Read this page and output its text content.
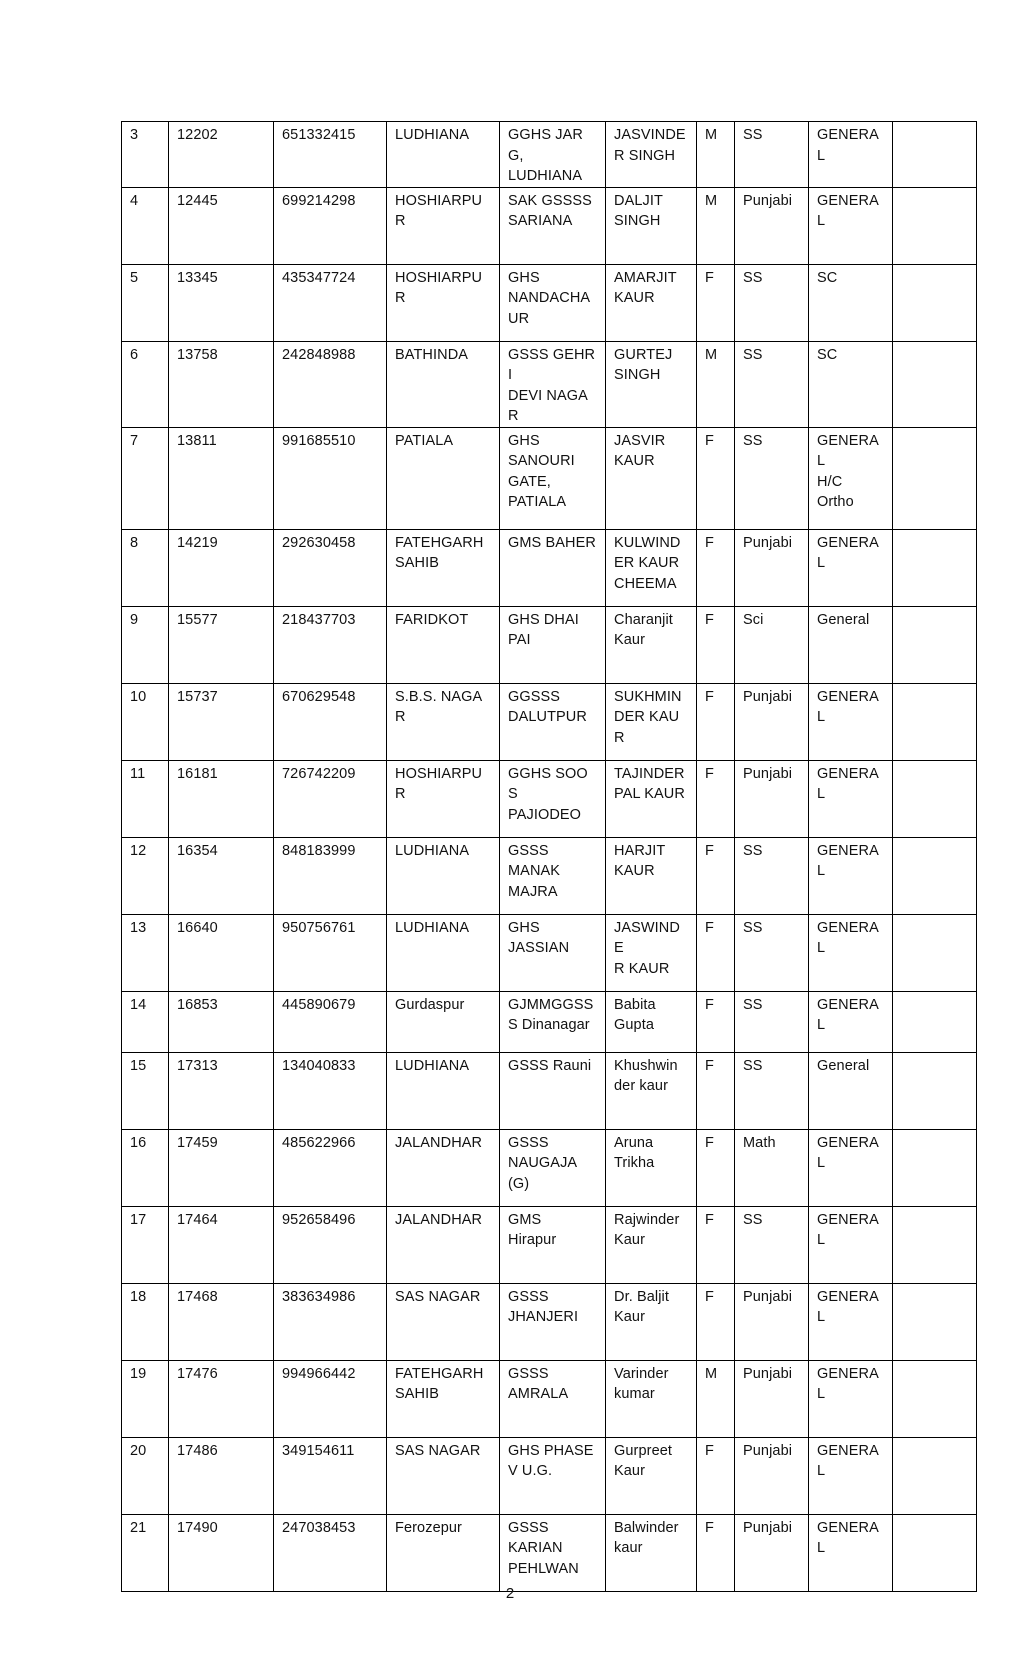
3	12202	651332415	LUDHIANA	GGHS JARG,
LUDHIANA	JASVINDE
R SINGH	M	SS	GENERAL	

4	12445	699214298	HOSHIARPUR	SAK GSSSS
SARIANA	DALJIT
SINGH	M	Punjabi	GENERAL	

5	13345	435347724	HOSHIARPUR	GHS
NANDACHA
UR	AMARJIT
KAUR	F	SS	SC	

6	13758	242848988	BATHINDA	GSSS GEHRI
DEVI NAGAR	GURTEJ
SINGH	M	SS	SC	

7	13811	991685510	PATIALA	GHS
SANOURI
GATE,
PATIALA	JASVIR
KAUR	F	SS	GENERAL
H/C
Ortho	

8	14219	292630458	FATEHGARH
SAHIB	GMS BAHER	KULWIND
ER KAUR
CHEEMA	F	Punjabi	GENERAL	

9	15577	218437703	FARIDKOT	GHS DHAI
PAI	Charanjit
Kaur	F	Sci	General	

10	15737	670629548	S.B.S. NAGAR	GGSSS
DALUTPUR	SUKHMIN
DER KAUR	F	Punjabi	GENERAL	

11	16181	726742209	HOSHIARPUR	GGHS SOOS
PAJIODEO	TAJINDER
PAL KAUR	F	Punjabi	GENERAL	

12	16354	848183999	LUDHIANA	GSSS
MANAK
MAJRA	HARJIT
KAUR	F	SS	GENERAL	

13	16640	950756761	LUDHIANA	GHS
JASSIAN	JASWINDE
R KAUR	F	SS	GENERAL	

14	16853	445890679	Gurdaspur	GJMMGGSS
S Dinanagar	Babita
Gupta	F	SS	GENERAL	

15	17313	134040833	LUDHIANA	GSSS Rauni	Khushwin
der kaur	F	SS	General	

16	17459	485622966	JALANDHAR	GSSS
NAUGAJA
(G)	Aruna
Trikha	F	Math	GENERAL	

17	17464	952658496	JALANDHAR	GMS
Hirapur	Rajwinder
Kaur	F	SS	GENERAL	

18	17468	383634986	SAS NAGAR	GSSS
JHANJERI	Dr. Baljit
Kaur	F	Punjabi	GENERAL	

19	17476	994966442	FATEHGARH
SAHIB	GSSS
AMRALA	Varinder
kumar	M	Punjabi	GENERAL	

20	17486	349154611	SAS NAGAR	GHS PHASE
V U.G.	Gurpreet
Kaur	F	Punjabi	GENERAL	

21	17490	247038453	Ferozepur	GSSS
KARIAN
PEHLWAN	Balwinder
kaur	F	Punjabi	GENERAL	

2
